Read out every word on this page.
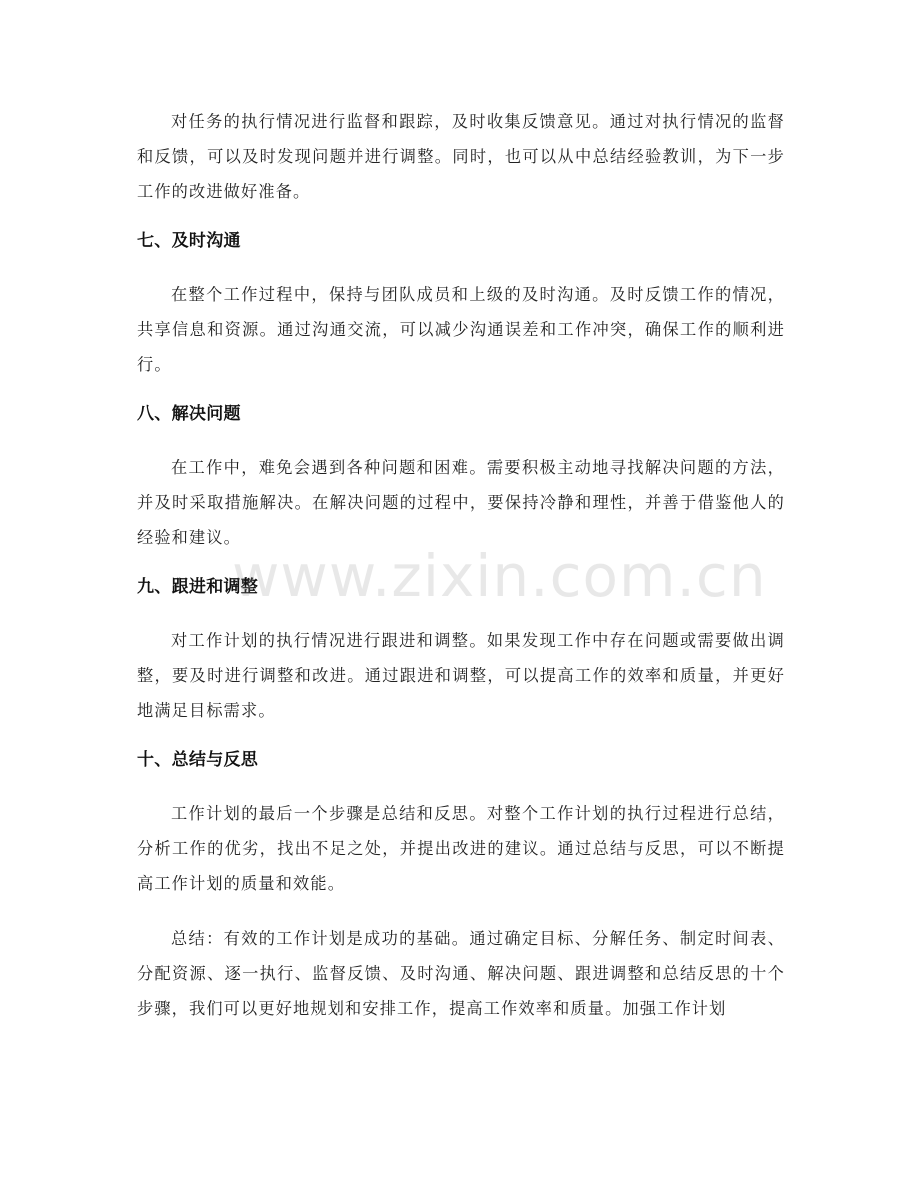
对任务的执行情况进行监督和跟踪，及时收集反馈意见。通过对执行情况的监督和反馈，可以及时发现问题并进行调整。同时，也可以从中总结经验教训，为下一步工作的改进做好准备。

七、及时沟通

在整个工作过程中，保持与团队成员和上级的及时沟通。及时反馈工作的情况，共享信息和资源。通过沟通交流，可以减少沟通误差和工作冲突，确保工作的顺利进行。

八、解决问题

在工作中，难免会遇到各种问题和困难。需要积极主动地寻找解决问题的方法，并及时采取措施解决。在解决问题的过程中，要保持冷静和理性，并善于借鉴他人的经验和建议。

九、跟进和调整

对工作计划的执行情况进行跟进和调整。如果发现工作中存在问题或需要做出调整，要及时进行调整和改进。通过跟进和调整，可以提高工作的效率和质量，并更好地满足目标需求。

十、总结与反思

工作计划的最后一个步骤是总结和反思。对整个工作计划的执行过程进行总结，分析工作的优劣，找出不足之处，并提出改进的建议。通过总结与反思，可以不断提高工作计划的质量和效能。

总结：有效的工作计划是成功的基础。通过确定目标、分解任务、制定时间表、分配资源、逐一执行、监督反馈、及时沟通、解决问题、跟进调整和总结反思的十个步骤，我们可以更好地规划和安排工作，提高工作效率和质量。加强工作计划

www.zixin.com.cn
